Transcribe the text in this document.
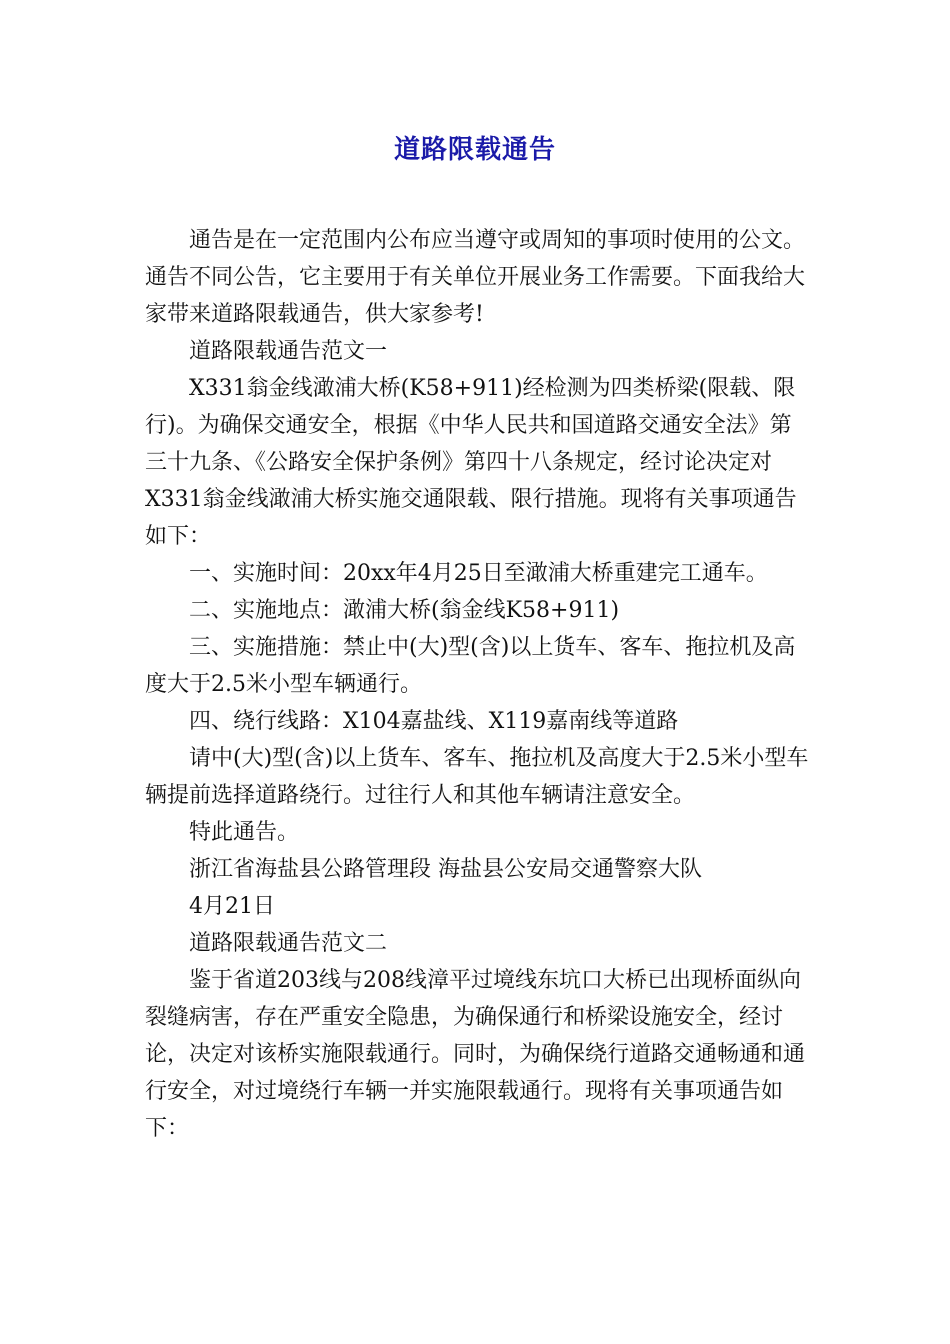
道路限载通告

通告是在一定范围内公布应当遵守或周知的事项时使用的公文。通告不同公告，它主要用于有关单位开展业务工作需要。下面我给大家带来道路限载通告，供大家参考!

道路限载通告范文一

X331翁金线澉浦大桥(K58+911)经检测为四类桥梁(限载、限行)。为确保交通安全，根据《中华人民共和国道路交通安全法》第三十九条、《公路安全保护条例》第四十八条规定，经讨论决定对X331翁金线澉浦大桥实施交通限载、限行措施。现将有关事项通告如下：

一、实施时间：20xx年4月25日至澉浦大桥重建完工通车。

二、实施地点：澉浦大桥(翁金线K58+911)

三、实施措施：禁止中(大)型(含)以上货车、客车、拖拉机及高度大于2.5米小型车辆通行。

四、绕行线路：X104嘉盐线、X119嘉南线等道路

请中(大)型(含)以上货车、客车、拖拉机及高度大于2.5米小型车辆提前选择道路绕行。过往行人和其他车辆请注意安全。

特此通告。

浙江省海盐县公路管理段 海盐县公安局交通警察大队

4月21日

道路限载通告范文二

鉴于省道203线与208线漳平过境线东坑口大桥已出现桥面纵向裂缝病害，存在严重安全隐患，为确保通行和桥梁设施安全，经讨论，决定对该桥实施限载通行。同时，为确保绕行道路交通畅通和通行安全，对过境绕行车辆一并实施限载通行。现将有关事项通告如下：
